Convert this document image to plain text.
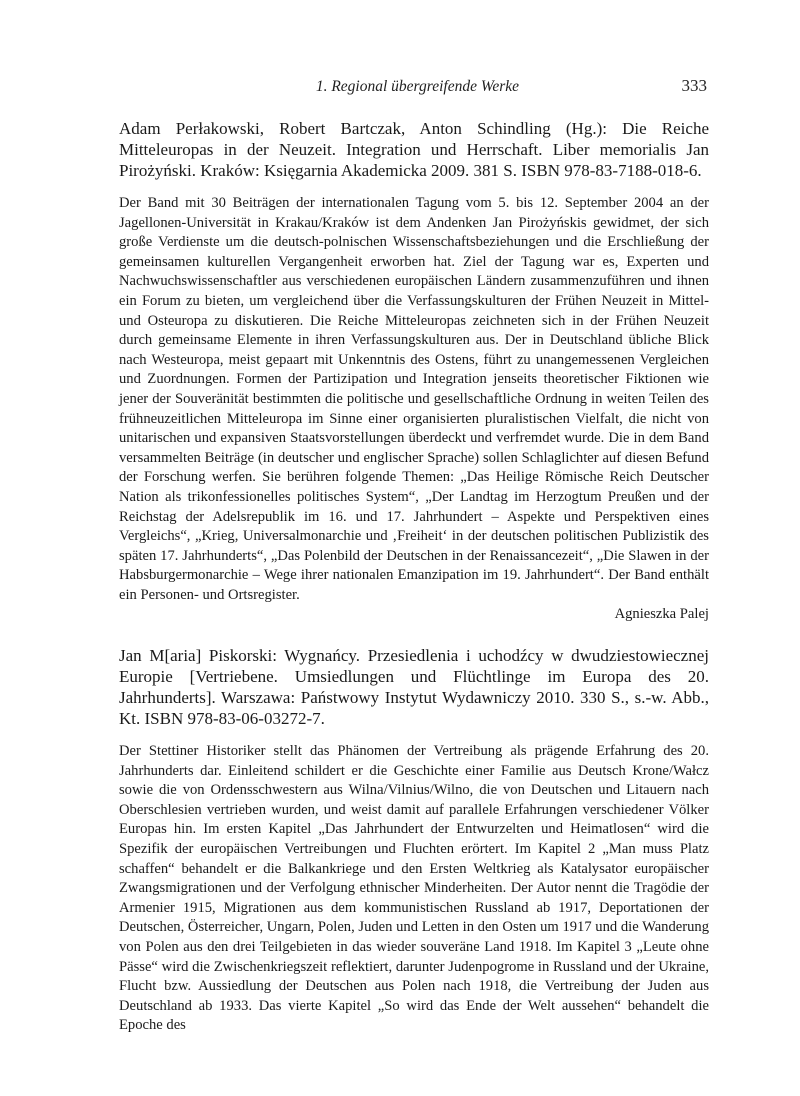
1. Regional übergreifende Werke	333

Adam Perłakowski, Robert Bartczak, Anton Schindling (Hg.): Die Reiche Mitteleuropas in der Neuzeit. Integration und Herrschaft. Liber memorialis Jan Pirożyński. Kraków: Księgarnia Akademicka 2009. 381 S. ISBN 978-83-7188-018-6.

Der Band mit 30 Beiträgen der internationalen Tagung vom 5. bis 12. September 2004 an der Jagellonen-Universität in Krakau/Kraków ist dem Andenken Jan Pirożyńskis gewidmet, der sich große Verdienste um die deutsch-polnischen Wissenschaftsbeziehungen und die Erschließung der gemeinsamen kulturellen Vergangenheit erworben hat. Ziel der Tagung war es, Experten und Nachwuchswissenschaftler aus verschiedenen europäischen Ländern zusammenzuführen und ihnen ein Forum zu bieten, um vergleichend über die Verfassungskulturen der Frühen Neuzeit in Mittel- und Osteuropa zu diskutieren. Die Reiche Mitteleuropas zeichneten sich in der Frühen Neuzeit durch gemeinsame Elemente in ihren Verfassungskulturen aus. Der in Deutschland übliche Blick nach Westeuropa, meist gepaart mit Unkenntnis des Ostens, führt zu unangemessenen Vergleichen und Zuordnungen. Formen der Partizipation und Integration jenseits theoretischer Fiktionen wie jener der Souveränität bestimmten die politische und gesellschaftliche Ordnung in weiten Teilen des frühneuzeitlichen Mitteleuropa im Sinne einer organisierten pluralistischen Vielfalt, die nicht von unitarischen und expansiven Staatsvorstellungen überdeckt und verfremdet wurde. Die in dem Band versammelten Beiträge (in deutscher und englischer Sprache) sollen Schlaglichter auf diesen Befund der Forschung werfen. Sie berühren folgende Themen: „Das Heilige Römische Reich Deutscher Nation als trikonfessionelles politisches System“, „Der Landtag im Herzogtum Preußen und der Reichstag der Adelsrepublik im 16. und 17. Jahrhundert – Aspekte und Perspektiven eines Vergleichs“, „Krieg, Universalmonarchie und ‚Freiheit‘ in der deutschen politischen Publizistik des späten 17. Jahrhunderts“, „Das Polenbild der Deutschen in der Renaissancezeit“, „Die Slawen in der Habsburgermonarchie – Wege ihrer nationalen Emanzipation im 19. Jahrhundert“. Der Band enthält ein Personen- und Ortsregister.

Agnieszka Palej

Jan M[aria] Piskorski: Wygnańcy. Przesiedlenia i uchodźcy w dwudziestowiecznej Europie [Vertriebene. Umsiedlungen und Flüchtlinge im Europa des 20. Jahrhunderts]. Warszawa: Państwowy Instytut Wydawniczy 2010. 330 S., s.-w. Abb., Kt. ISBN 978-83-06-03272-7.

Der Stettiner Historiker stellt das Phänomen der Vertreibung als prägende Erfahrung des 20. Jahrhunderts dar. Einleitend schildert er die Geschichte einer Familie aus Deutsch Krone/Wałcz sowie die von Ordensschwestern aus Wilna/Vilnius/Wilno, die von Deutschen und Litauern nach Oberschlesien vertrieben wurden, und weist damit auf parallele Erfahrungen verschiedener Völker Europas hin. Im ersten Kapitel „Das Jahrhundert der Entwurzelten und Heimatlosen“ wird die Spezifik der europäischen Vertreibungen und Fluchten erörtert. Im Kapitel 2 „Man muss Platz schaffen“ behandelt er die Balkankriege und den Ersten Weltkrieg als Katalysator europäischer Zwangsmigrationen und der Verfolgung ethnischer Minderheiten. Der Autor nennt die Tragödie der Armenier 1915, Migrationen aus dem kommunistischen Russland ab 1917, Deportationen der Deutschen, Österreicher, Ungarn, Polen, Juden und Letten in den Osten um 1917 und die Wanderung von Polen aus den drei Teilgebieten in das wieder souveräne Land 1918. Im Kapitel 3 „Leute ohne Pässe“ wird die Zwischenkriegszeit reflektiert, darunter Judenpogrome in Russland und der Ukraine, Flucht bzw. Aussiedlung der Deutschen aus Polen nach 1918, die Vertreibung der Juden aus Deutschland ab 1933. Das vierte Kapitel „So wird das Ende der Welt aussehen“ behandelt die Epoche des
